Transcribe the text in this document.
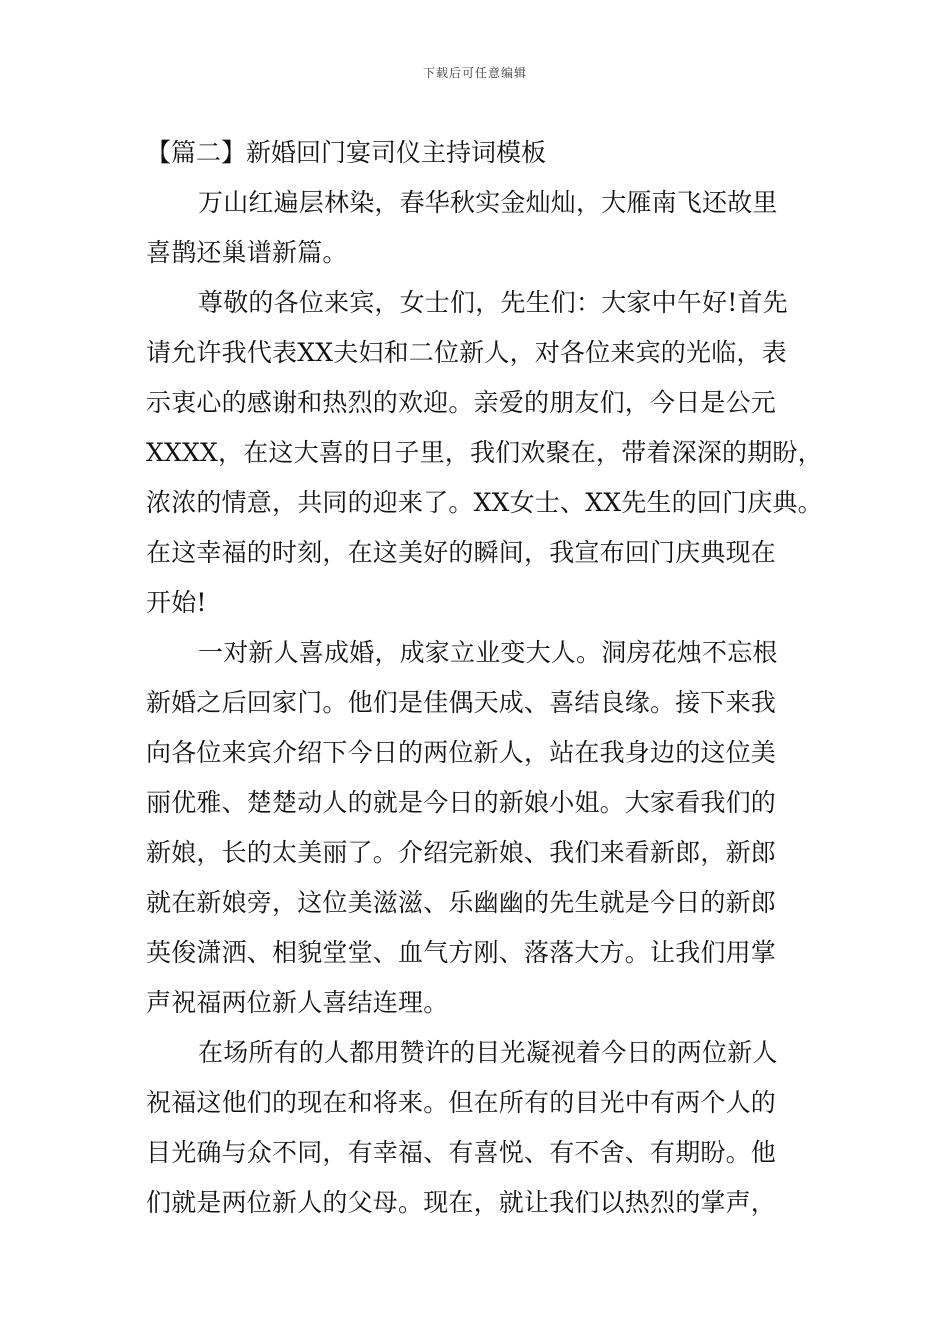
下载后可任意编辑
【篇二】新婚回门宴司仪主持词模板
万山红遍层林染，春华秋实金灿灿，大雁南飞还故里
喜鹊还巢谱新篇。
尊敬的各位来宾，女士们，先生们：大家中午好!首先
请允许我代表XX夫妇和二位新人，对各位来宾的光临，表
示衷心的感谢和热烈的欢迎。亲爱的朋友们，今日是公元
XXXX，在这大喜的日子里，我们欢聚在，带着深深的期盼，
浓浓的情意，共同的迎来了。XX女士、XX先生的回门庆典。
在这幸福的时刻，在这美好的瞬间，我宣布回门庆典现在
开始!
一对新人喜成婚，成家立业变大人。洞房花烛不忘根
新婚之后回家门。他们是佳偶天成、喜结良缘。接下来我
向各位来宾介绍下今日的两位新人，站在我身边的这位美
丽优雅、楚楚动人的就是今日的新娘小姐。大家看我们的
新娘，长的太美丽了。介绍完新娘、我们来看新郎，新郎
就在新娘旁，这位美滋滋、乐幽幽的先生就是今日的新郎
英俊潇洒、相貌堂堂、血气方刚、落落大方。让我们用掌
声祝福两位新人喜结连理。
在场所有的人都用赞许的目光凝视着今日的两位新人
祝福这他们的现在和将来。但在所有的目光中有两个人的
目光确与众不同，有幸福、有喜悦、有不舍、有期盼。他
们就是两位新人的父母。现在，就让我们以热烈的掌声，
